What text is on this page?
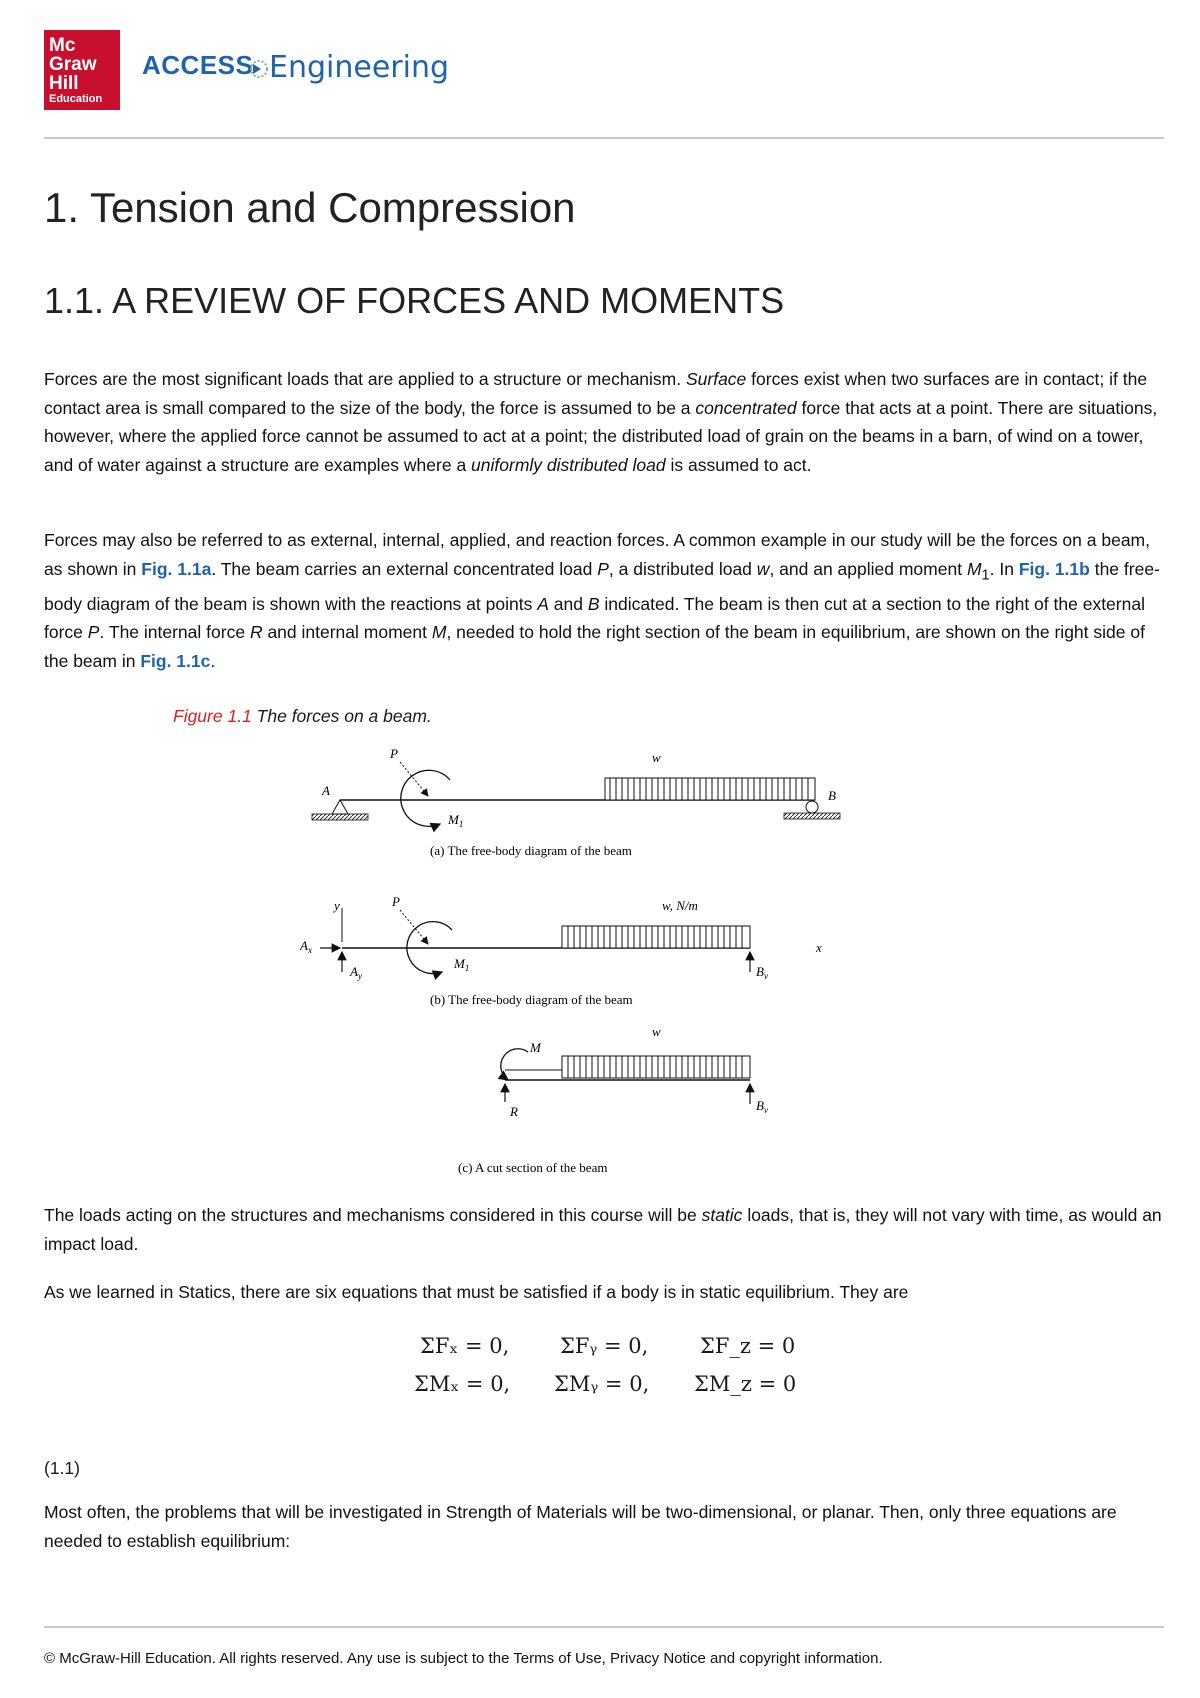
Mc
Graw
Hill
Education
ACCESS Engineering
1. Tension and Compression
1.1. A REVIEW OF FORCES AND MOMENTS

Forces are the most significant loads that are applied to a structure or mechanism. Surface forces exist when two surfaces are in contact; if the contact area is small compared to the size of the body, the force is assumed to be a concentrated force that acts at a point. There are situations, however, where the applied force cannot be assumed to act at a point; the distributed load of grain on the beams in a barn, of wind on a tower, and of water against a structure are examples where a uniformly distributed load is assumed to act.

Forces may also be referred to as external, internal, applied, and reaction forces. A common example in our study will be the forces on a beam, as shown in Fig. 1.1a. The beam carries an external concentrated load P, a distributed load w, and an applied moment $M_1$. In Fig. 1.1b the free-body diagram of the beam is shown with the reactions at points A and B indicated. The beam is then cut at a section to the right of the external force P. The internal force R and internal moment M, needed to hold the right section of the beam in equilibrium, are shown on the right side of the beam in Fig. 1.1c.

Figure 1.1 The forces on a beam.

P	w
A	B
$M_1$
(a) The free-body diagram of the beam
y	P	w, N/m
$A_x$
$A_y$
$M_1$	$B_v$
x
(b) The free-body diagram of the beam
w
M
R	$B_v$
(c) A cut section of the beam

The loads acting on the structures and mechanisms considered in this course will be static loads, that is, they will not vary with time, as would an impact load.

As we learned in Statics, there are six equations that must be satisfied if a body is in static equilibrium. They are

ΣFₓ = 0, ΣFᵧ = 0, ΣF_z = 0
ΣMₓ = 0, ΣMᵧ = 0, ΣM_z = 0

(1.1)

Most often, the problems that will be investigated in Strength of Materials will be two-dimensional, or planar. Then, only three equations are needed to establish equilibrium:

© McGraw-Hill Education. All rights reserved. Any use is subject to the Terms of Use, Privacy Notice and copyright information.
